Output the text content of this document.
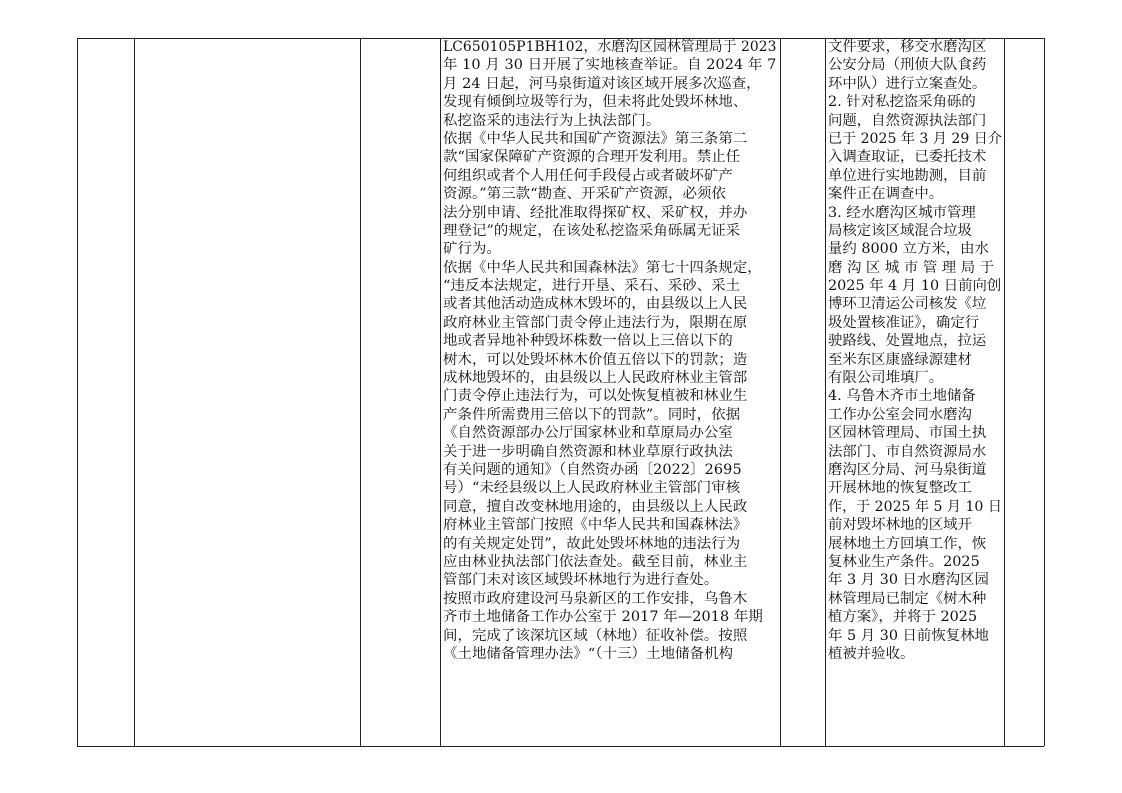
LC650105P1BH102，水磨沟区园林管理局于 2023
年 10 月 30 日开展了实地核查举证。自 2024 年 7
月 24 日起，河马泉街道对该区域开展多次巡查，
发现有倾倒垃圾等行为，但未将此处毁坏林地、
私挖盗采的违法行为上执法部门。
依据《中华人民共和国矿产资源法》第三条第二
款“国家保障矿产资源的合理开发利用。禁止任
何组织或者个人用任何手段侵占或者破坏矿产
资源。”第三款“勘查、开采矿产资源，必须依
法分别申请、经批准取得探矿权、采矿权，并办
理登记”的规定，在该处私挖盗采角砾属无证采
矿行为。
依据《中华人民共和国森林法》第七十四条规定，
“违反本法规定，进行开垦、采石、采砂、采土
或者其他活动造成林木毁坏的，由县级以上人民
政府林业主管部门责令停止违法行为，限期在原
地或者异地补种毁坏株数一倍以上三倍以下的
树木，可以处毁坏林木价值五倍以下的罚款；造
成林地毁坏的，由县级以上人民政府林业主管部
门责令停止违法行为，可以处恢复植被和林业生
产条件所需费用三倍以下的罚款”。同时，依据
《自然资源部办公厅国家林业和草原局办公室
关于进一步明确自然资源和林业草原行政执法
有关问题的通知》（自然资办函〔2022〕2695
号）“未经县级以上人民政府林业主管部门审核
同意，擅自改变林地用途的，由县级以上人民政
府林业主管部门按照《中华人民共和国森林法》
的有关规定处罚”，故此处毁坏林地的违法行为
应由林业执法部门依法查处。截至目前，林业主
管部门未对该区域毁坏林地行为进行查处。
按照市政府建设河马泉新区的工作安排，乌鲁木
齐市土地储备工作办公室于 2017 年—2018 年期
间，完成了该深坑区域（林地）征收补偿。按照
《土地储备管理办法》“（十三）土地储备机构
文件要求，移交水磨沟区
公安分局（刑侦大队食药
环中队）进行立案查处。
2. 针对私挖盗采角砾的
问题，自然资源执法部门
已于 2025 年 3 月 29 日介
入调查取证，已委托技术
单位进行实地勘测，目前
案件正在调查中。
3. 经水磨沟区城市管理
局核定该区域混合垃圾
量约 8000 立方米，由水
磨 沟 区 城 市 管 理 局 于
2025 年 4 月 10 日前向创
博环卫清运公司核发《垃
圾处置核准证》，确定行
驶路线、处置地点，拉运
至米东区康盛绿源建材
有限公司堆填厂。
4. 乌鲁木齐市土地储备
工作办公室会同水磨沟
区园林管理局、市国土执
法部门、市自然资源局水
磨沟区分局、河马泉街道
开展林地的恢复整改工
作，于 2025 年 5 月 10 日
前对毁坏林地的区域开
展林地土方回填工作，恢
复林业生产条件。2025
年 3 月 30 日水磨沟区园
林管理局已制定《树木种
植方案》，并将于 2025
年 5 月 30 日前恢复林地
植被并验收。
